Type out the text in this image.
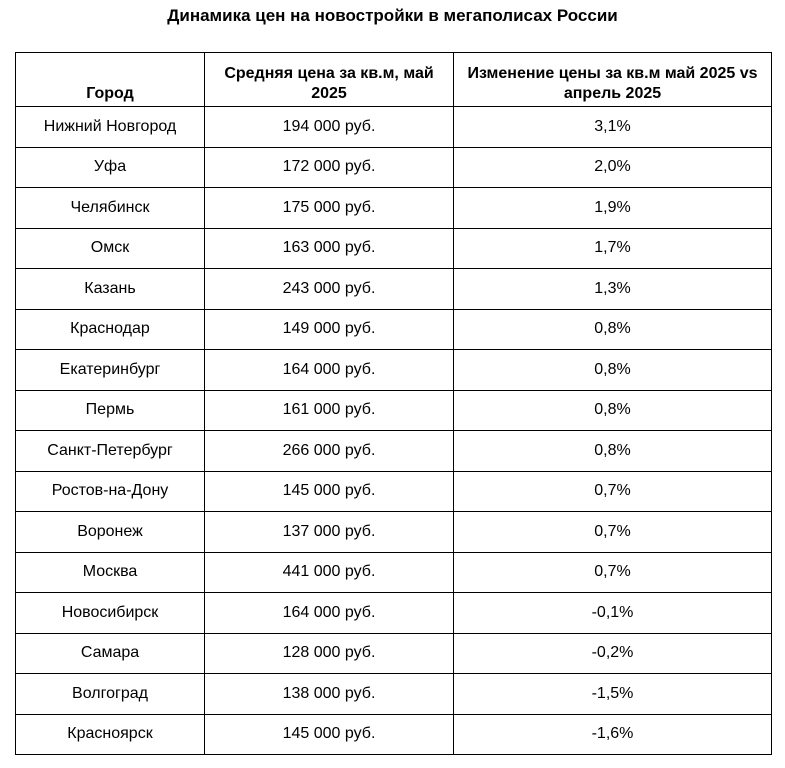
Динамика цен на новостройки в мегаполисах России
Город	Средняя цена за кв.м, май 2025	Изменение цены за кв.м май 2025 vs апрель 2025
Нижний Новгород	194 000 руб.	3,1%
Уфа	172 000 руб.	2,0%
Челябинск	175 000 руб.	1,9%
Омск	163 000 руб.	1,7%
Казань	243 000 руб.	1,3%
Краснодар	149 000 руб.	0,8%
Екатеринбург	164 000 руб.	0,8%
Пермь	161 000 руб.	0,8%
Санкт-Петербург	266 000 руб.	0,8%
Ростов-на-Дону	145 000 руб.	0,7%
Воронеж	137 000 руб.	0,7%
Москва	441 000 руб.	0,7%
Новосибирск	164 000 руб.	-0,1%
Самара	128 000 руб.	-0,2%
Волгоград	138 000 руб.	-1,5%
Красноярск	145 000 руб.	-1,6%
